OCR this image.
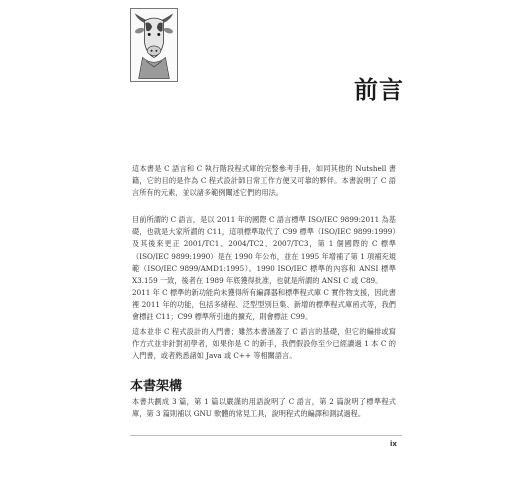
前言

這本書是 C 語言和 C 執行階段程式庫的完整參考手冊，如同其他的 Nutshell 書籍，它的目的是作為 C 程式設計師日常工作方便又可靠的夥伴。本書說明了 C 語言所有的元素，並以諸多範例闡述它們的用法。

目前所謂的 C 語言，是以 2011 年的國際 C 語言標準 ISO/IEC 9899:2011 為基礎，也就是大家所謂的 C11，這項標準取代了 C99 標準（ISO/IEC 9899:1999）及其後來更正 2001/TC1、2004/TC2、2007/TC3，第 1 個國際的 C 標準（ISO/IEC 9899:1990）是在 1990 年公布，並在 1995 年增補了第 1 項補充規範（ISO/IEC 9899/AMD1:1995）。1990 ISO/IEC 標準的內容和 ANSI 標準 X3.159 一致，後者在 1989 年底獲得批准，也就是所謂的 ANSI C 或 C89。

2011 年 C 標準的新功能尚未獲得所有編譯器和標準程式庫 C 實作物支援，因此書裡 2011 年的功能，包括多緒程、泛型型別巨集、新增的標準程式庫函式等，我們會標註 C11；C99 標準所引進的擴充，則會標註 C99。

這本並非 C 程式設計的入門書；雖然本書涵蓋了 C 語言的基礎，但它的編排或寫作方式並非針對初學者，如果你是 C 的新手，我們假設你至少已經讀過 1 本 C 的入門書，或者熟悉諸如 Java 或 C++ 等相關語言。

本書架構

本書共劃成 3 篇，第 1 篇以嚴謹的用語說明了 C 語言，第 2 篇說明了標準程式庫，第 3 篇則補以 GNU 軟體的常見工具，說明程式的編譯和測試過程。

ix
